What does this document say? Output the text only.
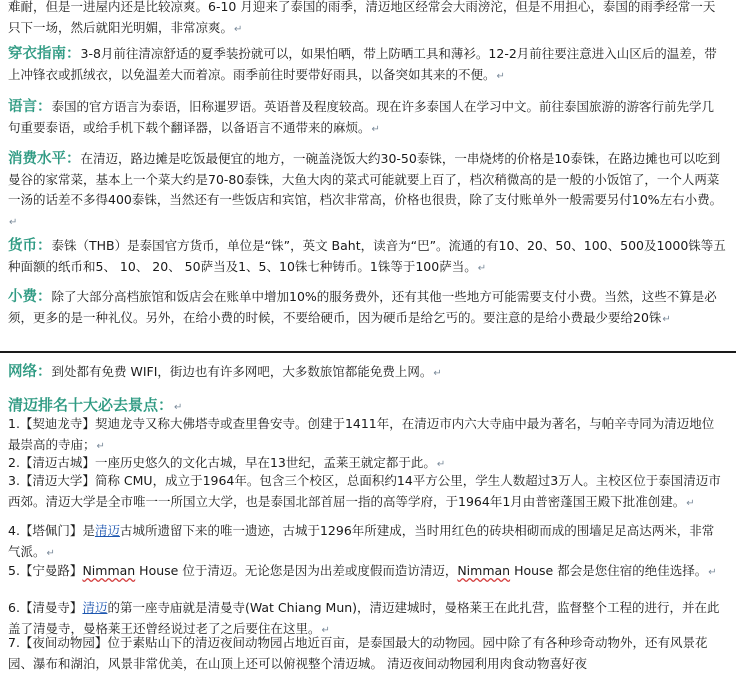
难耐，但是一进屋内还是比较凉爽。6-10 月迎来了泰国的雨季，清迈地区经常会大雨滂沱，但是不用担心，泰国的雨季经常一天只下一场，然后就阳光明媚，非常凉爽。↵

穿衣指南：3-8月前往清凉舒适的夏季装扮就可以，如果怕晒，带上防晒工具和薄衫。12-2月前往要注意进入山区后的温差，带上冲锋衣或抓绒衣，以免温差大而着凉。雨季前往时要带好雨具，以备突如其来的不便。↵

语言：泰国的官方语言为泰语，旧称暹罗语。英语普及程度较高。现在许多泰国人在学习中文。前往泰国旅游的游客行前先学几句重要泰语，或给手机下载个翻译器，以备语言不通带来的麻烦。↵

消费水平：在清迈，路边摊是吃饭最便宜的地方，一碗盖浇饭大约30-50泰铢，一串烧烤的价格是10泰铢，在路边摊也可以吃到曼谷的家常菜，基本上一个菜大约是70-80泰铢，大鱼大肉的菜式可能就要上百了，档次稍微高的是一般的小饭馆了，一个人两菜一汤的话差不多得400泰铢，当然还有一些饭店和宾馆，档次非常高，价格也很贵，除了支付账单外一般需要另付10%左右小费。↵

货币：泰铢（THB）是泰国官方货币，单位是“铢”，英文 Baht，读音为“巴”。流通的有10、20、50、100、500及1000铢等五种面额的纸币和5、 10、 20、 50萨当及1、5、10铢七种铸币。1铢等于100萨当。↵

小费：除了大部分高档旅馆和饭店会在账单中增加10%的服务费外，还有其他一些地方可能需要支付小费。当然，这些不算是必须，更多的是一种礼仪。另外，在给小费的时候，不要给硬币，因为硬币是给乞丐的。要注意的是给小费最少要给20铢↵

网络：到处都有免费 WIFI，街边也有许多网吧，大多数旅馆都能免费上网。↵

清迈排名十大必去景点：↵

1.【契迪龙寺】契迪龙寺又称大佛塔寺或查里鲁安寺。创建于1411年，在清迈市内六大寺庙中最为著名，与帕辛寺同为清迈地位最崇高的寺庙；↵

2.【清迈古城】一座历史悠久的文化古城，早在13世纪，孟莱王就定都于此。↵

3.【清迈大学】简称 CMU，成立于1964年。包含三个校区，总面积约14平方公里，学生人数超过3万人。主校区位于泰国清迈市西郊。清迈大学是全市唯一一所国立大学，也是泰国北部首屈一指的高等学府，于1964年1月由普密蓬国王殿下批准创建。↵

4.【塔佩门】是清迈古城所遗留下来的唯一遗迹，古城于1296年所建成，当时用红色的砖块相砌而成的围墙足足高达两米，非常气派。↵

5.【宁曼路】Nimman House 位于清迈。无论您是因为出差或度假而造访清迈，Nimman House 都会是您住宿的绝佳选择。↵

6.【清曼寺】清迈的第一座寺庙就是清曼寺(Wat Chiang Mun)，清迈建城时，曼格莱王在此扎营，监督整个工程的进行，并在此盖了清曼寺，曼格莱王还曾经说过老了之后要住在这里。↵

7.【夜间动物园】位于素贴山下的清迈夜间动物园占地近百亩，是泰国最大的动物园。园中除了有各种珍奇动物外，还有风景花园、瀑布和湖泊，风景非常优美，在山顶上还可以俯视整个清迈城。 清迈夜间动物园利用肉食动物喜好夜
